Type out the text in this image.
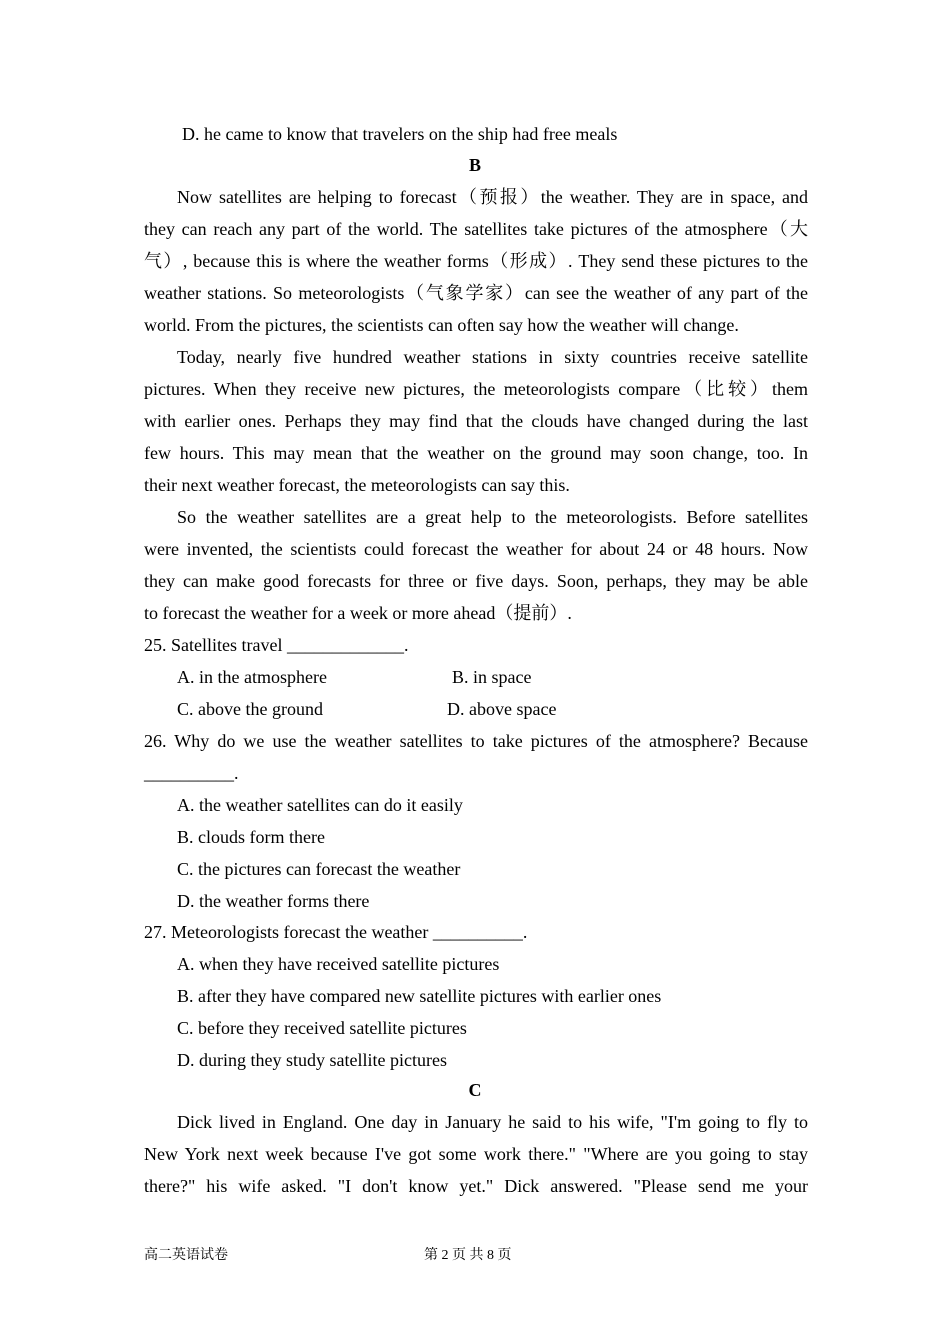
D. he came to know that travelers on the ship had free meals
B
Now satellites are helping to forecast（预报）the weather. They are in space, and
they can reach any part of the world. The satellites take pictures of the atmosphere（大
气）, because this is where the weather forms（形成）. They send these pictures to the
weather stations. So meteorologists（气象学家）can see the weather of any part of the
world. From the pictures, the scientists can often say how the weather will change.
Today, nearly five hundred weather stations in sixty countries receive satellite
pictures. When they receive new pictures, the meteorologists compare（比较）them
with earlier ones. Perhaps they may find that the clouds have changed during the last
few hours. This may mean that the weather on the ground may soon change, too. In
their next weather forecast, the meteorologists can say this.
So the weather satellites are a great help to the meteorologists. Before satellites
were invented, the scientists could forecast the weather for about 24 or 48 hours. Now
they can make good forecasts for three or five days. Soon, perhaps, they may be able
to forecast the weather for a week or more ahead（提前）.
25. Satellites travel _____________.
A. in the atmosphere	B. in space
C. above the ground	D. above space
26. Why do we use the weather satellites to take pictures of the atmosphere? Because
__________.
A. the weather satellites can do it easily
B. clouds form there
C. the pictures can forecast the weather
D. the weather forms there
27. Meteorologists forecast the weather __________.
A. when they have received satellite pictures
B. after they have compared new satellite pictures with earlier ones
C. before they received satellite pictures
D. during they study satellite pictures
C
Dick lived in England. One day in January he said to his wife, "I'm going to fly to
New York next week because I've got some work there." "Where are you going to stay
there?" his wife asked. "I don't know yet." Dick answered. "Please send me your
高二英语试卷	第 2 页 共 8 页
